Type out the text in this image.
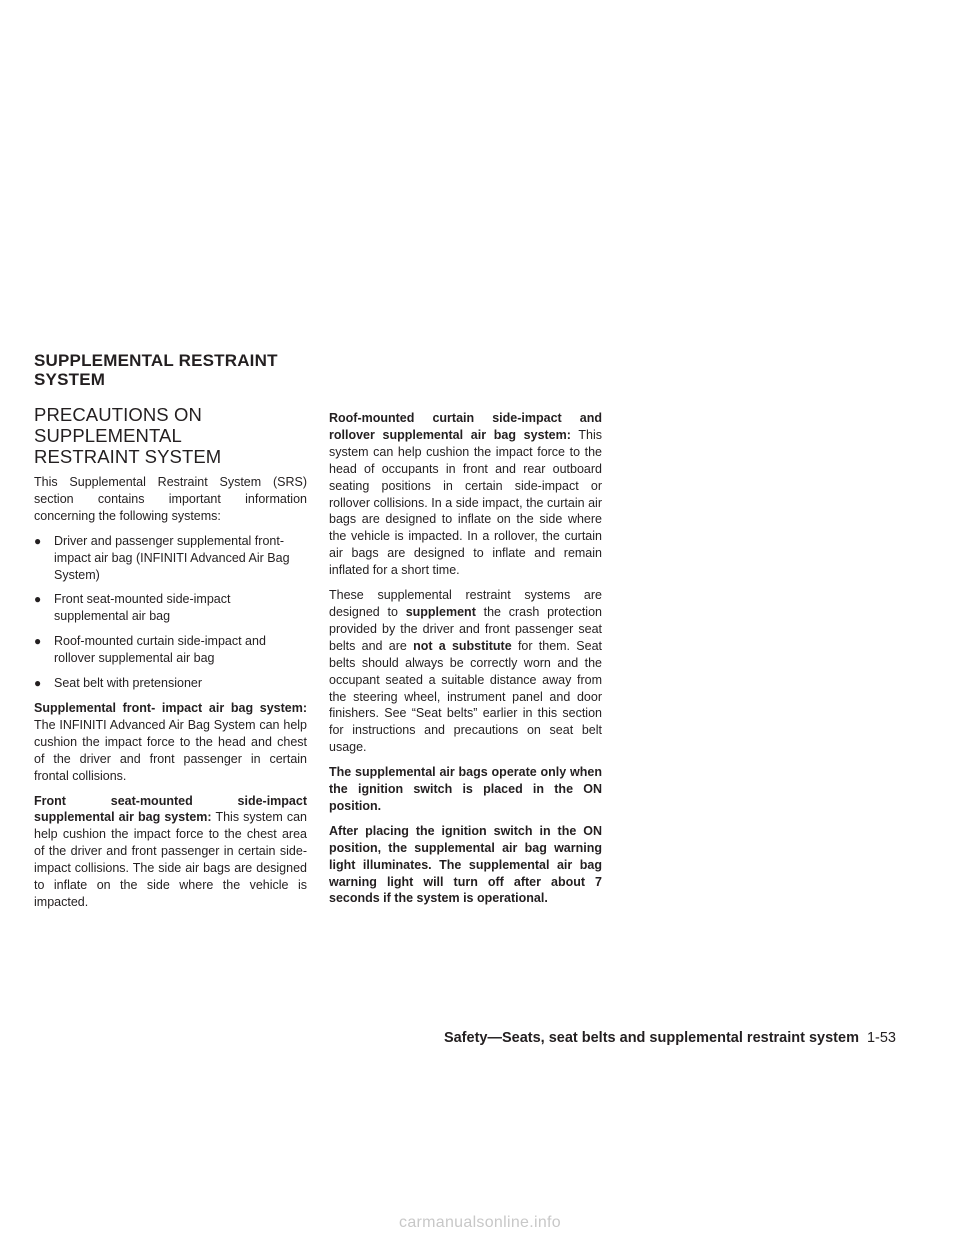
SUPPLEMENTAL RESTRAINT
SYSTEM
PRECAUTIONS ON SUPPLEMENTAL
RESTRAINT SYSTEM

This Supplemental Restraint System (SRS) section contains important information concerning the following systems:

● Driver and passenger supplemental front-impact air bag (INFINITI Advanced Air Bag System)
● Front seat-mounted side-impact supplemental air bag
● Roof-mounted curtain side-impact and rollover supplemental air bag
● Seat belt with pretensioner

Supplemental front- impact air bag system: The INFINITI Advanced Air Bag System can help cushion the impact force to the head and chest of the driver and front passenger in certain frontal collisions.

Front seat-mounted side-impact supplemental air bag system: This system can help cushion the impact force to the chest area of the driver and front passenger in certain side-impact collisions. The side air bags are designed to inflate on the side where the vehicle is impacted.

Roof-mounted curtain side-impact and rollover supplemental air bag system: This system can help cushion the impact force to the head of occupants in front and rear outboard seating positions in certain side-impact or rollover collisions. In a side impact, the curtain air bags are designed to inflate on the side where the vehicle is impacted. In a rollover, the curtain air bags are designed to inflate and remain inflated for a short time.

These supplemental restraint systems are designed to supplement the crash protection provided by the driver and front passenger seat belts and are not a substitute for them. Seat belts should always be correctly worn and the occupant seated a suitable distance away from the steering wheel, instrument panel and door finishers. See “Seat belts” earlier in this section for instructions and precautions on seat belt usage.

The supplemental air bags operate only when the ignition switch is placed in the ON position.

After placing the ignition switch in the ON position, the supplemental air bag warning light illuminates. The supplemental air bag warning light will turn off after about 7 seconds if the system is operational.

Safety—Seats, seat belts and supplemental restraint system 1-53
carmanualsonline.info
